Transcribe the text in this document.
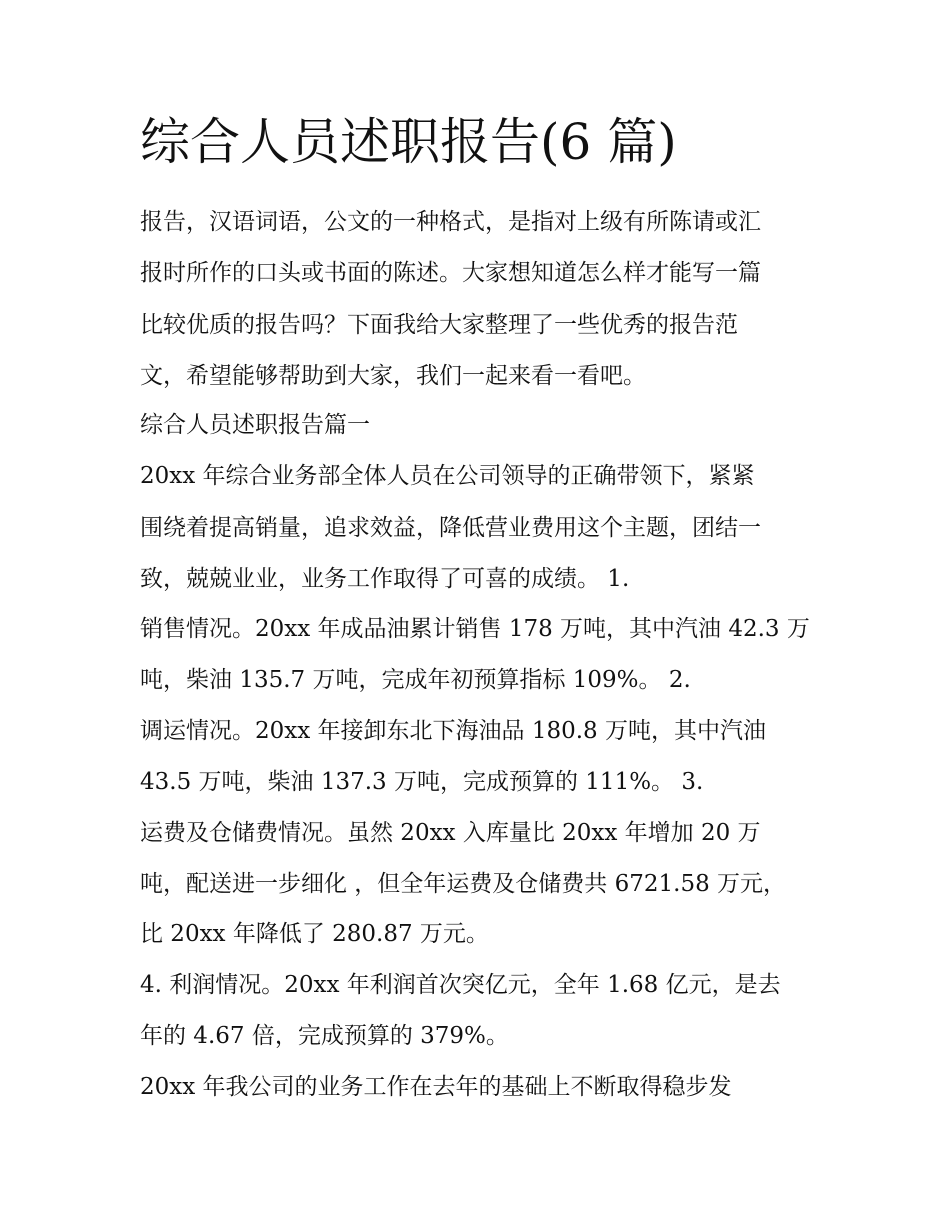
综合人员述职报告(6 篇)

报告，汉语词语，公文的一种格式，是指对上级有所陈请或汇

报时所作的口头或书面的陈述。大家想知道怎么样才能写一篇

比较优质的报告吗？下面我给大家整理了一些优秀的报告范

文，希望能够帮助到大家，我们一起来看一看吧。

综合人员述职报告篇一

20xx 年综合业务部全体人员在公司领导的正确带领下，紧紧

围绕着提高销量，追求效益，降低营业费用这个主题，团结一

致，兢兢业业，业务工作取得了可喜的成绩。 1.

销售情况。20xx 年成品油累计销售 178 万吨，其中汽油 42.3 万

吨，柴油 135.7 万吨，完成年初预算指标 109%。 2.

调运情况。20xx 年接卸东北下海油品 180.8 万吨，其中汽油

43.5 万吨，柴油 137.3 万吨，完成预算的 111%。 3.

运费及仓储费情况。虽然 20xx 入库量比 20xx 年增加 20 万

吨，配送进一步细化 ，但全年运费及仓储费共 6721.58 万元，

比 20xx 年降低了 280.87 万元。

4. 利润情况。20xx 年利润首次突亿元，全年 1.68 亿元，是去

年的 4.67 倍，完成预算的 379%。

20xx 年我公司的业务工作在去年的基础上不断取得稳步发
